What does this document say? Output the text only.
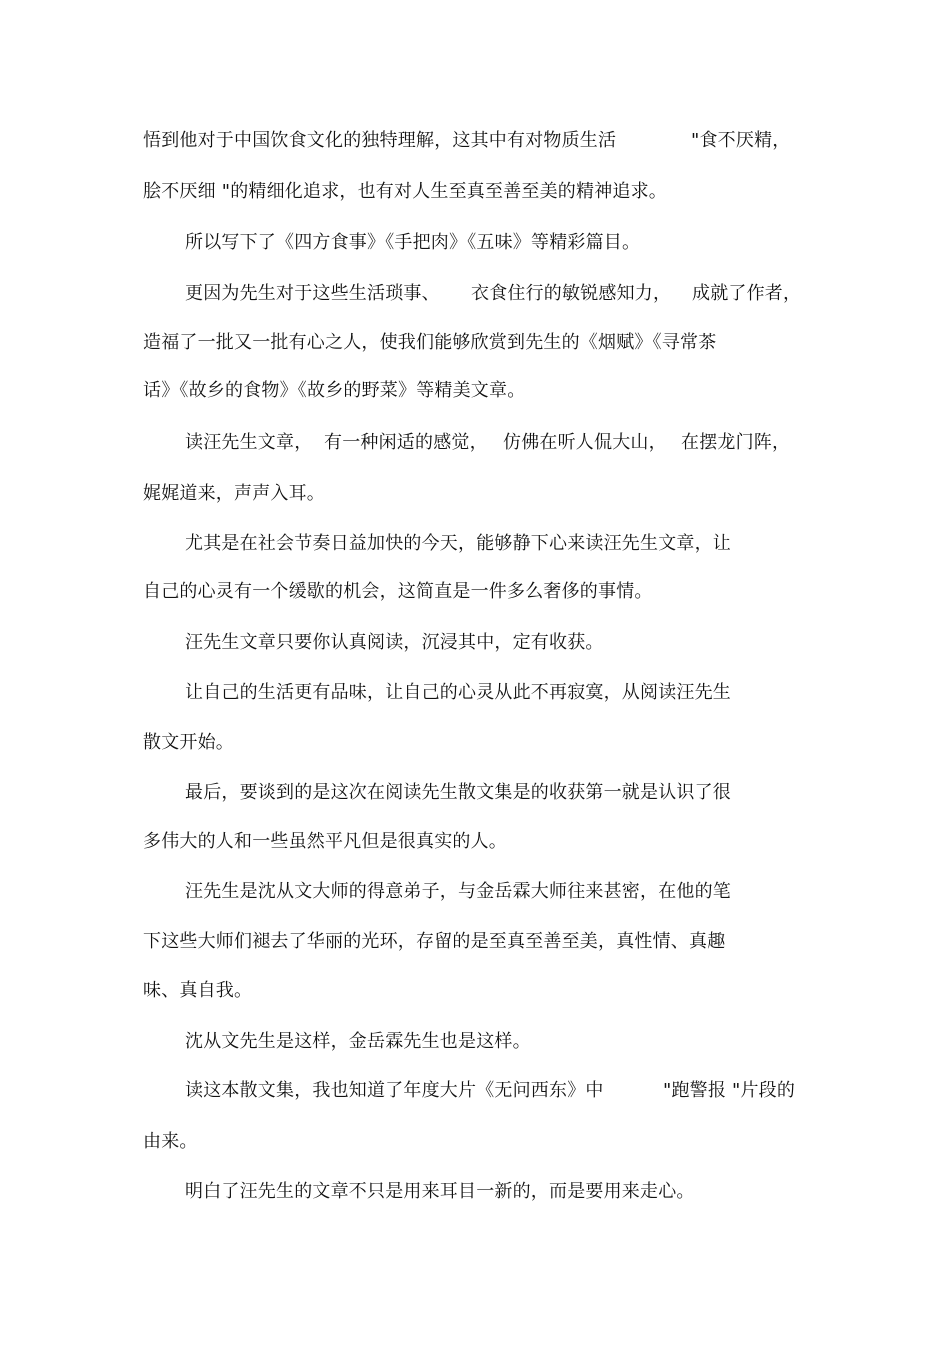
悟到他对于中国饮食文化的独特理解，这其中有对物质生活	"食不厌精，
脍不厌细 "的精细化追求，也有对人生至真至善至美的精神追求。
所以写下了《四方食事》《手把肉》《五味》等精彩篇目。
更因为先生对于这些生活琐事、 衣食住行的敏锐感知力， 成就了作者，
造福了一批又一批有心之人，使我们能够欣赏到先生的《烟赋》《寻常茶
话》《故乡的食物》《故乡的野菜》等精美文章。
读汪先生文章， 有一种闲适的感觉， 仿佛在听人侃大山， 在摆龙门阵，
娓娓道来，声声入耳。
尤其是在社会节奏日益加快的今天，能够静下心来读汪先生文章，让
自己的心灵有一个缓歇的机会，这简直是一件多么奢侈的事情。
汪先生文章只要你认真阅读，沉浸其中，定有收获。
让自己的生活更有品味，让自己的心灵从此不再寂寞，从阅读汪先生
散文开始。
最后，要谈到的是这次在阅读先生散文集是的收获第一就是认识了很
多伟大的人和一些虽然平凡但是很真实的人。
汪先生是沈从文大师的得意弟子，与金岳霖大师往来甚密，在他的笔
下这些大师们褪去了华丽的光环，存留的是至真至善至美，真性情、真趣
味、真自我。
沈从文先生是这样，金岳霖先生也是这样。
读这本散文集，我也知道了年度大片《无问西东》中	"跑警报 "片段的
由来。
明白了汪先生的文章不只是用来耳目一新的，而是要用来走心。
